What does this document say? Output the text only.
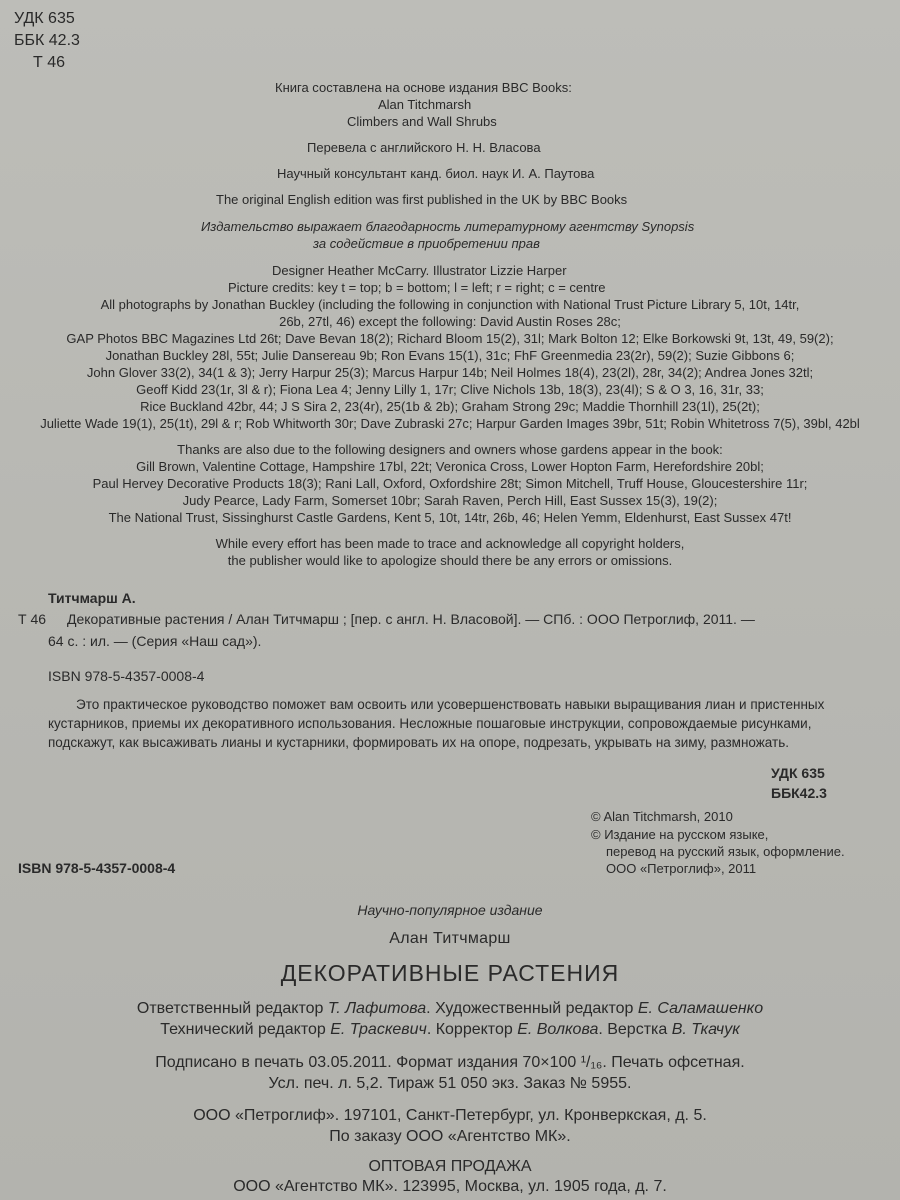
УДК 635
ББК 42.3
Т 46
Книга составлена на основе издания BBC Books:
Alan Titchmarsh
Climbers and Wall Shrubs
Перевела с английского Н. Н. Власова
Научный консультант канд. биол. наук И. А. Паутова
The original English edition was first published in the UK by BBC Books
Издательство выражает благодарность литературному агентству Synopsis
за содействие в приобретении прав
Designer Heather McCarry. Illustrator Lizzie Harper
Picture credits: key t = top; b = bottom; l = left; r = right; c = centre
All photographs by Jonathan Buckley (including the following in conjunction with National Trust Picture Library 5, 10t, 14tr,
26b, 27tl, 46) except the following: David Austin Roses 28c;
GAP Photos BBC Magazines Ltd 26t; Dave Bevan 18(2); Richard Bloom 15(2), 31l; Mark Bolton 12; Elke Borkowski 9t, 13t, 49, 59(2);
Jonathan Buckley 28l, 55t; Julie Dansereau 9b; Ron Evans 15(1), 31c; FhF Greenmedia 23(2r), 59(2); Suzie Gibbons 6;
John Glover 33(2), 34(1 & 3); Jerry Harpur 25(3); Marcus Harpur 14b; Neil Holmes 18(4), 23(2l), 28r, 34(2); Andrea Jones 32tl;
Geoff Kidd 23(1r, 3l & r); Fiona Lea 4; Jenny Lilly 1, 17r; Clive Nichols 13b, 18(3), 23(4l); S & O 3, 16, 31r, 33;
Rice Buckland 42br, 44; J S Sira 2, 23(4r), 25(1b & 2b); Graham Strong 29c; Maddie Thornhill 23(1l), 25(2t);
Juliette Wade 19(1), 25(1t), 29l & r; Rob Whitworth 30r; Dave Zubraski 27c; Harpur Garden Images 39br, 51t; Robin Whitetross 7(5), 39bl, 42bl
Thanks are also due to the following designers and owners whose gardens appear in the book:
Gill Brown, Valentine Cottage, Hampshire 17bl, 22t; Veronica Cross, Lower Hopton Farm, Herefordshire 20bl;
Paul Hervey Decorative Products 18(3); Rani Lall, Oxford, Oxfordshire 28t; Simon Mitchell, Truff House, Gloucestershire 11r;
Judy Pearce, Lady Farm, Somerset 10br; Sarah Raven, Perch Hill, East Sussex 15(3), 19(2);
The National Trust, Sissinghurst Castle Gardens, Kent 5, 10t, 14tr, 26b, 46; Helen Yemm, Eldenhurst, East Sussex 47t!
While every effort has been made to trace and acknowledge all copyright holders,
the publisher would like to apologize should there be any errors or omissions.
Титчмарш А.
Т 46 Декоративные растения / Алан Титчмарш ; [пер. с англ. Н. Власовой]. — СПб. : ООО Петроглиф, 2011. —
64 с. : ил. — (Серия «Наш сад»).
ISBN 978-5-4357-0008-4
Это практическое руководство поможет вам освоить или усовершенствовать навыки выращивания лиан и пристенных
кустарников, приемы их декоративного использования. Несложные пошаговые инструкции, сопровождаемые рисунками,
подскажут, как высаживать лианы и кустарники, формировать их на опоре, подрезать, укрывать на зиму, размножать.
УДК 635
ББК42.3
© Alan Titchmarsh, 2010
© Издание на русском языке,
перевод на русский язык, оформление.
ООО «Петроглиф», 2011
ISBN 978-5-4357-0008-4
Научно-популярное издание
Алан Титчмарш
ДЕКОРАТИВНЫЕ РАСТЕНИЯ
Ответственный редактор Т. Лафитова. Художественный редактор Е. Саламашенко
Технический редактор Е. Траскевич. Корректор Е. Волкова. Верстка В. Ткачук
Подписано в печать 03.05.2011. Формат издания 70×100 ¹/₁₆. Печать офсетная.
Усл. печ. л. 5,2. Тираж 51 050 экз. Заказ № 5955.
ООО «Петроглиф». 197101, Санкт-Петербург, ул. Кронверкская, д. 5.
По заказу ООО «Агентство МК».
ОПТОВАЯ ПРОДАЖА
ООО «Агентство МК». 123995, Москва, ул. 1905 года, д. 7.
